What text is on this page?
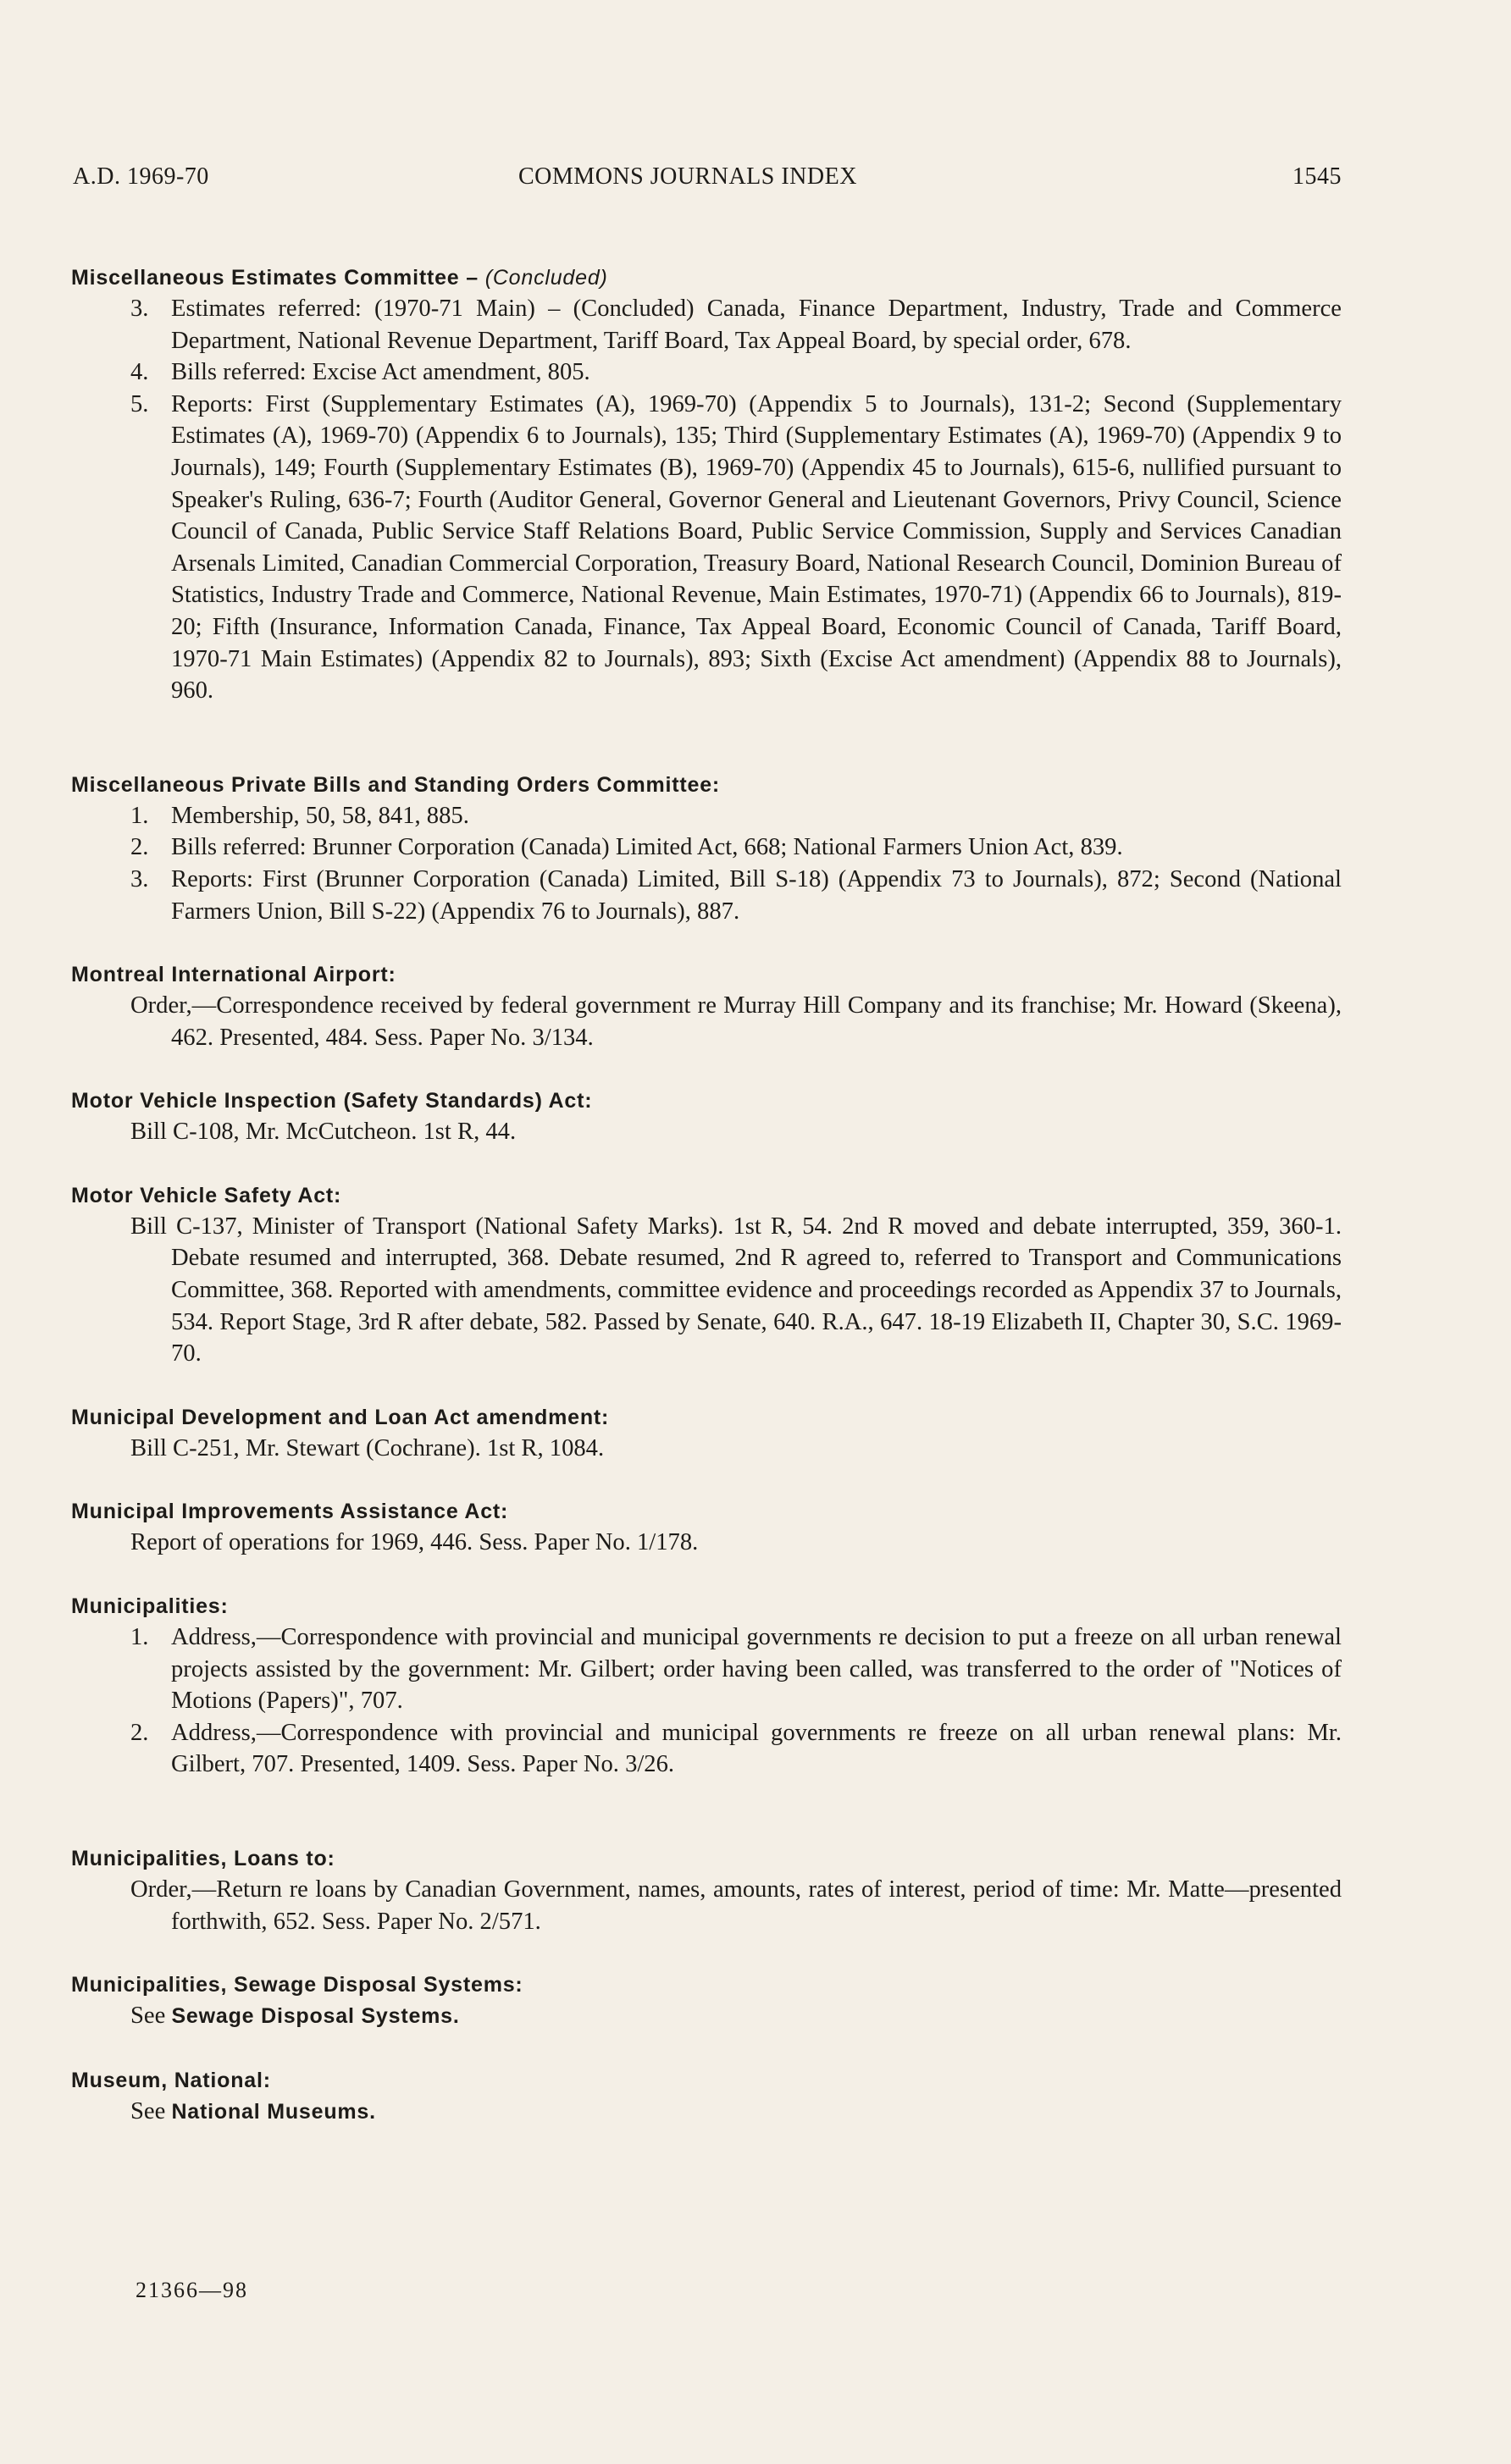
A.D. 1969-70	COMMONS JOURNALS INDEX	1545
Miscellaneous Estimates Committee – (Concluded)
3. Estimates referred: (1970-71 Main) – (Concluded) Canada, Finance Department, Industry, Trade and Commerce Department, National Revenue Department, Tariff Board, Tax Appeal Board, by special order, 678.
4. Bills referred: Excise Act amendment, 805.
5. Reports: First (Supplementary Estimates (A), 1969-70) (Appendix 5 to Journals), 131-2; Second (Supplementary Estimates (A), 1969-70) (Appendix 6 to Journals), 135; Third (Supplementary Estimates (A), 1969-70) (Appendix 9 to Journals), 149; Fourth (Supplementary Estimates (B), 1969-70) (Appendix 45 to Journals), 615-6, nullified pursuant to Speaker's Ruling, 636-7; Fourth (Auditor General, Governor General and Lieutenant Governors, Privy Council, Science Council of Canada, Public Service Staff Relations Board, Public Service Commission, Supply and Services Canadian Arsenals Limited, Canadian Commercial Corporation, Treasury Board, National Research Council, Dominion Bureau of Statistics, Industry Trade and Commerce, National Revenue, Main Estimates, 1970-71) (Appendix 66 to Journals), 819-20; Fifth (Insurance, Information Canada, Finance, Tax Appeal Board, Economic Council of Canada, Tariff Board, 1970-71 Main Estimates) (Appendix 82 to Journals), 893; Sixth (Excise Act amendment) (Appendix 88 to Journals), 960.
Miscellaneous Private Bills and Standing Orders Committee:
1. Membership, 50, 58, 841, 885.
2. Bills referred: Brunner Corporation (Canada) Limited Act, 668; National Farmers Union Act, 839.
3. Reports: First (Brunner Corporation (Canada) Limited, Bill S-18) (Appendix 73 to Journals), 872; Second (National Farmers Union, Bill S-22) (Appendix 76 to Journals), 887.
Montreal International Airport:
Order,—Correspondence received by federal government re Murray Hill Company and its franchise; Mr. Howard (Skeena), 462. Presented, 484. Sess. Paper No. 3/134.
Motor Vehicle Inspection (Safety Standards) Act:
Bill C-108, Mr. McCutcheon. 1st R, 44.
Motor Vehicle Safety Act:
Bill C-137, Minister of Transport (National Safety Marks). 1st R, 54. 2nd R moved and debate interrupted, 359, 360-1. Debate resumed and interrupted, 368. Debate resumed, 2nd R agreed to, referred to Transport and Communications Committee, 368. Reported with amendments, committee evidence and proceedings recorded as Appendix 37 to Journals, 534. Report Stage, 3rd R after debate, 582. Passed by Senate, 640. R.A., 647. 18-19 Elizabeth II, Chapter 30, S.C. 1969-70.
Municipal Development and Loan Act amendment:
Bill C-251, Mr. Stewart (Cochrane). 1st R, 1084.
Municipal Improvements Assistance Act:
Report of operations for 1969, 446. Sess. Paper No. 1/178.
Municipalities:
1. Address,—Correspondence with provincial and municipal governments re decision to put a freeze on all urban renewal projects assisted by the government: Mr. Gilbert; order having been called, was transferred to the order of "Notices of Motions (Papers)", 707.
2. Address,—Correspondence with provincial and municipal governments re freeze on all urban renewal plans: Mr. Gilbert, 707. Presented, 1409. Sess. Paper No. 3/26.
Municipalities, Loans to:
Order,—Return re loans by Canadian Government, names, amounts, rates of interest, period of time: Mr. Matte—presented forthwith, 652. Sess. Paper No. 2/571.
Municipalities, Sewage Disposal Systems:
See Sewage Disposal Systems.
Museum, National:
See National Museums.
21366—98
